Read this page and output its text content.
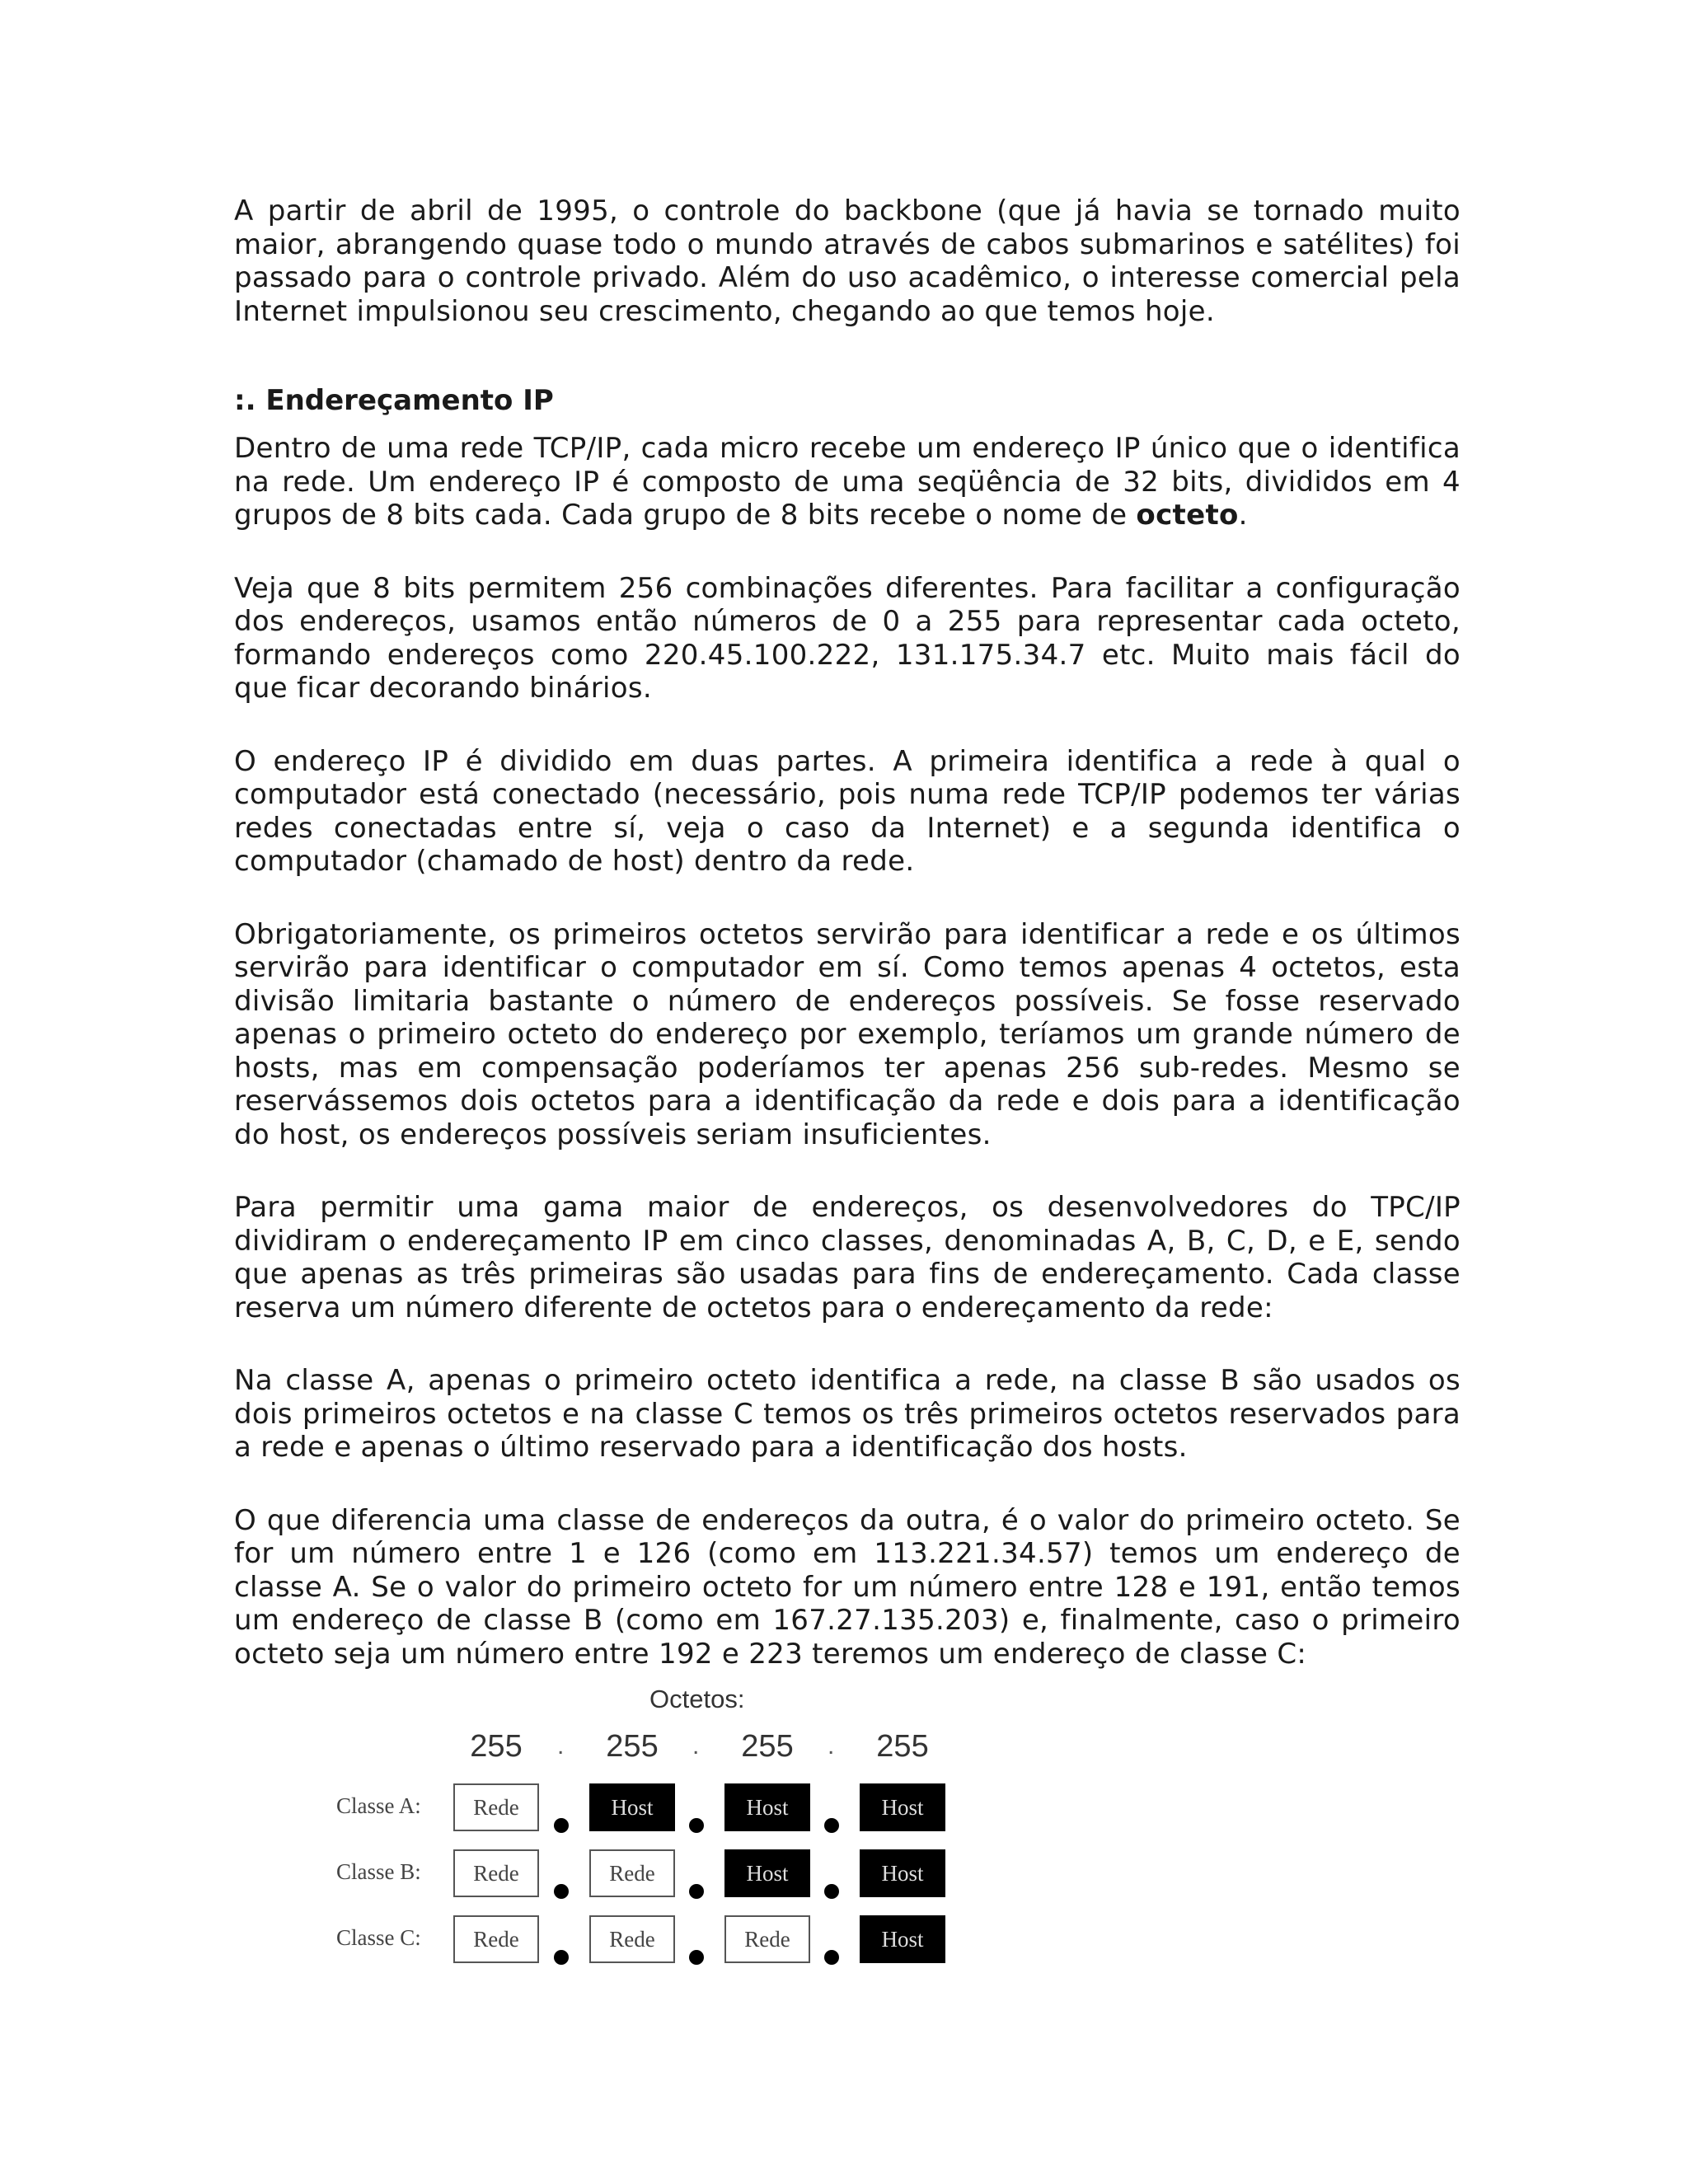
A partir de abril de 1995, o controle do backbone (que já havia se tornado muito maior, abrangendo quase todo o mundo através de cabos submarinos e satélites) foi passado para o controle privado. Além do uso acadêmico, o interesse comercial pela Internet impulsionou seu crescimento, chegando ao que temos hoje.

:. Endereçamento IP

Dentro de uma rede TCP/IP, cada micro recebe um endereço IP único que o identifica na rede. Um endereço IP é composto de uma seqüência de 32 bits, divididos em 4 grupos de 8 bits cada. Cada grupo de 8 bits recebe o nome de octeto.

Veja que 8 bits permitem 256 combinações diferentes. Para facilitar a configuração dos endereços, usamos então números de 0 a 255 para representar cada octeto, formando endereços como 220.45.100.222, 131.175.34.7 etc. Muito mais fácil do que ficar decorando binários.

O endereço IP é dividido em duas partes. A primeira identifica a rede à qual o computador está conectado (necessário, pois numa rede TCP/IP podemos ter várias redes conectadas entre sí, veja o caso da Internet) e a segunda identifica o computador (chamado de host) dentro da rede.

Obrigatoriamente, os primeiros octetos servirão para identificar a rede e os últimos servirão para identificar o computador em sí. Como temos apenas 4 octetos, esta divisão limitaria bastante o número de endereços possíveis. Se fosse reservado apenas o primeiro octeto do endereço por exemplo, teríamos um grande número de hosts, mas em compensação poderíamos ter apenas 256 sub-redes. Mesmo se reservássemos dois octetos para a identificação da rede e dois para a identificação do host, os endereços possíveis seriam insuficientes.

Para permitir uma gama maior de endereços, os desenvolvedores do TPC/IP dividiram o endereçamento IP em cinco classes, denominadas A, B, C, D, e E, sendo que apenas as três primeiras são usadas para fins de endereçamento. Cada classe reserva um número diferente de octetos para o endereçamento da rede:

Na classe A, apenas o primeiro octeto identifica a rede, na classe B são usados os dois primeiros octetos e na classe C temos os três primeiros octetos reservados para a rede e apenas o último reservado para a identificação dos hosts.

O que diferencia uma classe de endereços da outra, é o valor do primeiro octeto. Se for um número entre 1 e 126 (como em 113.221.34.57) temos um endereço de classe A. Se o valor do primeiro octeto for um número entre 128 e 191, então temos um endereço de classe B (como em 167.27.135.203) e, finalmente, caso o primeiro octeto seja um número entre 192 e 223 teremos um endereço de classe C:

Octetos:
255	.	255	.	255	.	255
Classe A:	Rede	Host	Host	Host
Classe B:	Rede	Rede	Host	Host
Classe C:	Rede	Rede	Rede	Host
